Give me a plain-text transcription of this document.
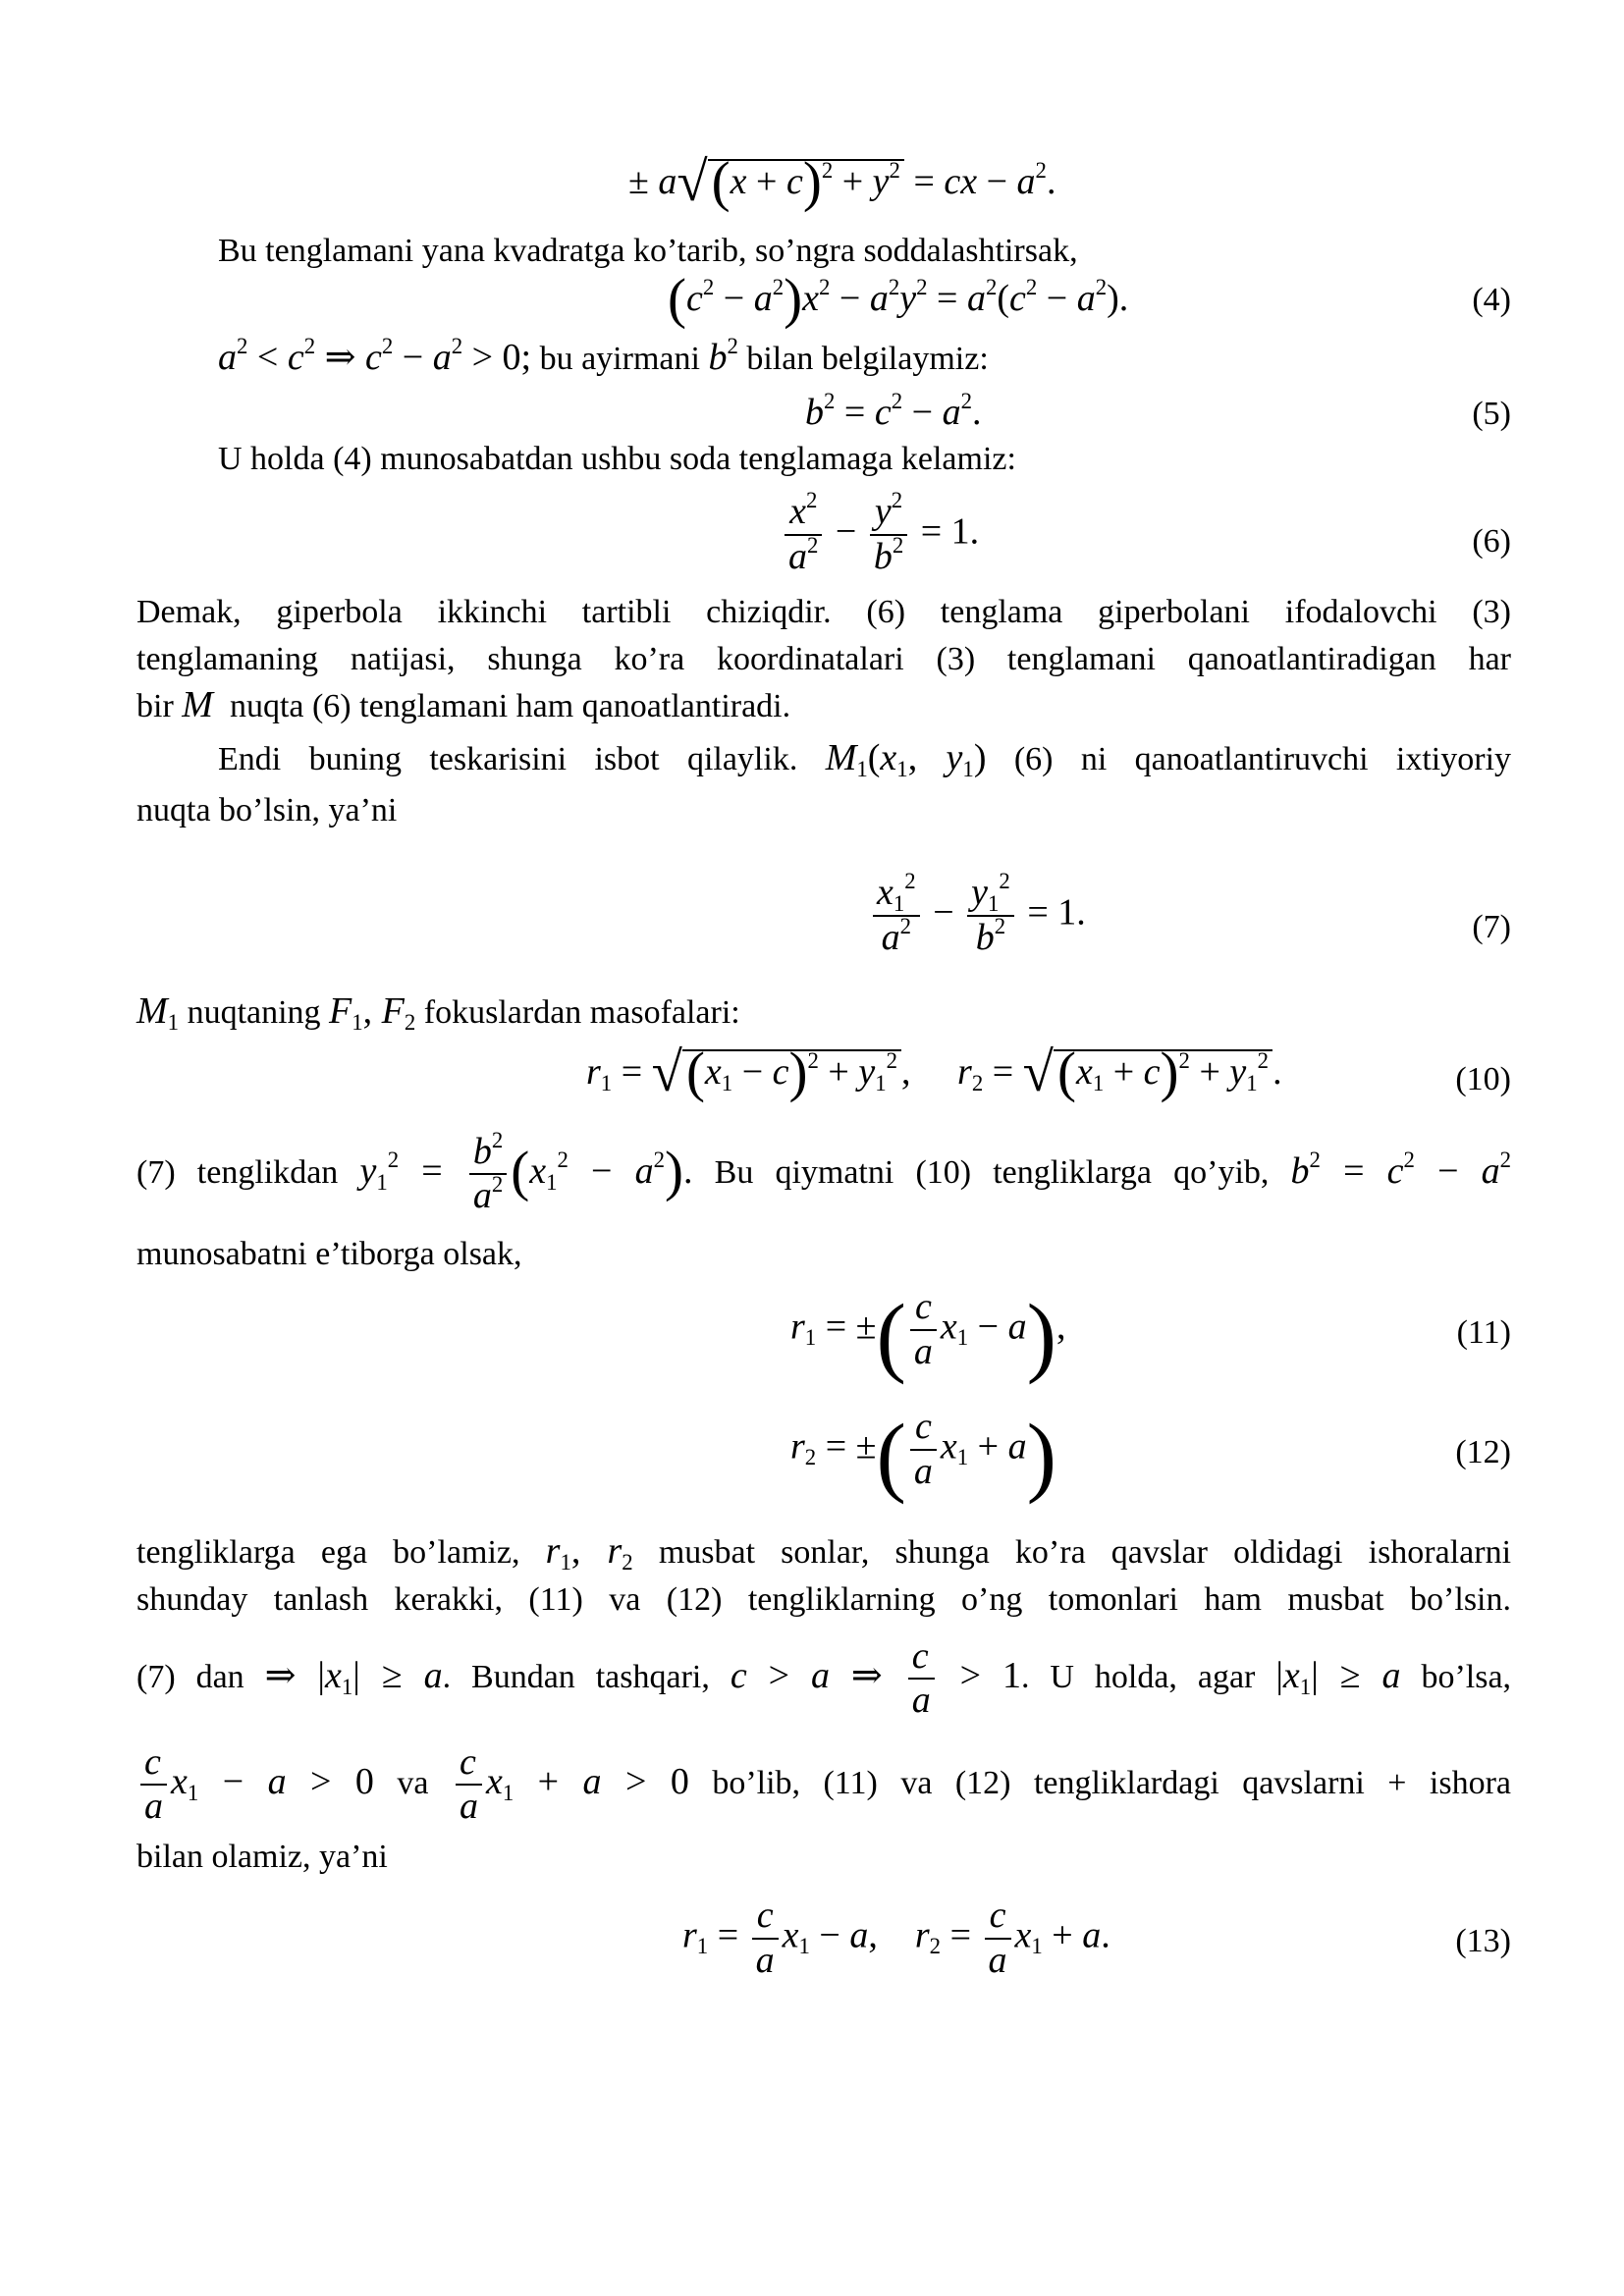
± $a√(x + c)^2 + y^2$ = cx − $a^2$.
Bu tenglamani yana kvadratga ko’tarib, so’ngra soddalashtirsak,
$(c^2 - a^2)x^2 - a^2y^2 = a^2(c^2 - a^2)$.	(4)
$a^2 < c^2$ ⇒ $c^2 - a^2 > 0$; bu ayirmani $b^2$ bilan belgilaymiz:
$b^2 = c^2 - a^2$.	(5)
U holda (4) munosabatdan ushbu soda tenglamaga kelamiz:
$\frac{x^2}{a^2} - \frac{y^2}{b^2} = 1$.	(6)
Demak, giperbola ikkinchi tartibli chiziqdir. (6) tenglama giperbolani ifodalovchi (3)
tenglamaning natijasi, shunga ko’ra koordinatalari (3) tenglamani qanoatlantiradigan har
bir M nuqta (6) tenglamani ham qanoatlantiradi.
Endi buning teskarisini isbot qilaylik. $M_1(x_1$, $y_1$) (6) ni qanoatlantiruvchi ixtiyoriy
nuqta bo’lsin, ya’ni
$\frac{x_1^2}{a^2} - \frac{y_1^2}{b^2} = 1$.	(7)
$M_1$ nuqtaning $F_1$, $F_2$ fokuslardan masofalari:
$r_1 = √(x_1 - c)^2 + y_1^2$ ,     $r_2 = √(x_1 + c)^2 + y_1^2$ .	(10)
(7) tenglikdan $y_1^2 = \frac{b^2}{a^2} (x_1^2 - a^2)$. Bu qiymatni (10) tengliklarga qo’yib, $b^2 = c^2 - a^2$
munosabatni e’tiborga olsak,
$r_1$ = ±( $\frac{c}{a} x_1 - a$),	(11)
$r_2$ = ±( $\frac{c}{a} x_1 + a$)	(12)
tengliklarga ega bo’lamiz, $r_1$, $r_2$ musbat sonlar, shunga ko’ra qavslar oldidagi ishoralarni
shunday tanlash kerakki, (11) va (12) tengliklarning o’ng tomonlari ham musbat bo’lsin.
(7) dan ⇒ $|x_1| \ge a$. Bundan tashqari, c > a ⇒ $\frac{c}{a} > 1$. U holda, agar $|x_1| \ge a$ bo’lsa,
$\frac{c}{a} x_1 - a > 0$ va $\frac{c}{a} x_1 + a > 0$ bo’lib, (11) va (12) tengliklardagi qavslarni + ishora
bilan olamiz, ya’ni
$r_1 = \frac{c}{a} x_1 - a$,    $r_2 = \frac{c}{a} x_1 + a$.	(13)
